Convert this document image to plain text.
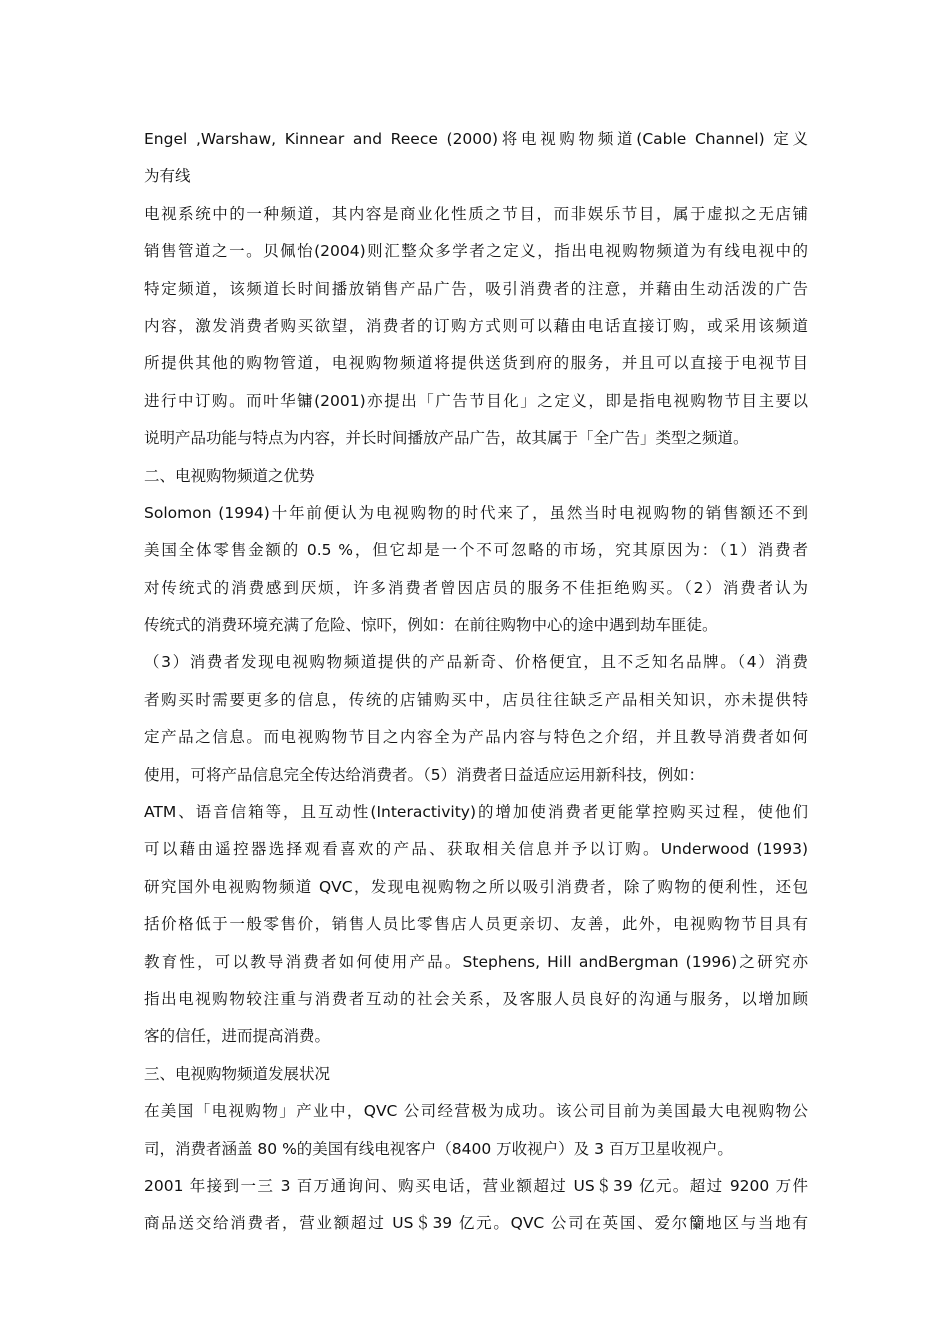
Engel ,Warshaw, Kinnear and Reece (2000)将电视购物频道(Cable Channel) 定义
为有线
电视系统中的一种频道，其内容是商业化性质之节目，而非娱乐节目，属于虚拟之无店铺
销售管道之一。贝佩怡(2004)则汇整众多学者之定义，指出电视购物频道为有线电视中的
特定频道，该频道长时间播放销售产品广告，吸引消费者的注意，并藉由生动活泼的广告
内容，激发消费者购买欲望，消费者的订购方式则可以藉由电话直接订购，或采用该频道
所提供其他的购物管道，电视购物频道将提供送货到府的服务，并且可以直接于电视节目
进行中订购。而叶华镛(2001)亦提出「广告节目化」之定义，即是指电视购物节目主要以
说明产品功能与特点为内容，并长时间播放产品广告，故其属于「全广告」类型之频道。
二、电视购物频道之优势
Solomon (1994)十年前便认为电视购物的时代来了，虽然当时电视购物的销售额还不到
美国全体零售金额的 0.5 %，但它却是一个不可忽略的市场，究其原因为：（1）消费者
对传统式的消费感到厌烦，许多消费者曾因店员的服务不佳拒绝购买。（2）消费者认为
传统式的消费环境充满了危险、惊吓，例如：在前往购物中心的途中遇到劫车匪徒。
（3）消费者发现电视购物频道提供的产品新奇、价格便宜，且不乏知名品牌。（4）消费
者购买时需要更多的信息，传统的店铺购买中，店员往往缺乏产品相关知识，亦未提供特
定产品之信息。而电视购物节目之内容全为产品内容与特色之介绍，并且教导消费者如何
使用，可将产品信息完全传达给消费者。（5）消费者日益适应运用新科技，例如：
ATM、语音信箱等，且互动性(Interactivity)的增加使消费者更能掌控购买过程，使他们
可以藉由遥控器选择观看喜欢的产品、获取相关信息并予以订购。Underwood (1993)
研究国外电视购物频道 QVC，发现电视购物之所以吸引消费者，除了购物的便利性，还包
括价格低于一般零售价，销售人员比零售店人员更亲切、友善，此外，电视购物节目具有
教育性，可以教导消费者如何使用产品。Stephens, Hill andBergman (1996)之研究亦
指出电视购物较注重与消费者互动的社会关系，及客服人员良好的沟通与服务，以增加顾
客的信任，进而提高消费。
三、电视购物频道发展状况
在美国「电视购物」产业中，QVC 公司经营极为成功。该公司目前为美国最大电视购物公
司，消费者涵盖 80 %的美国有线电视客户（8400 万收视户）及 3 百万卫星收视户。
2001 年接到一三 3 百万通询问、购买电话，营业额超过 US＄39 亿元。超过 9200 万件
商品送交给消费者，营业额超过 US＄39 亿元。QVC 公司在英国、爱尔籣地区与当地有
